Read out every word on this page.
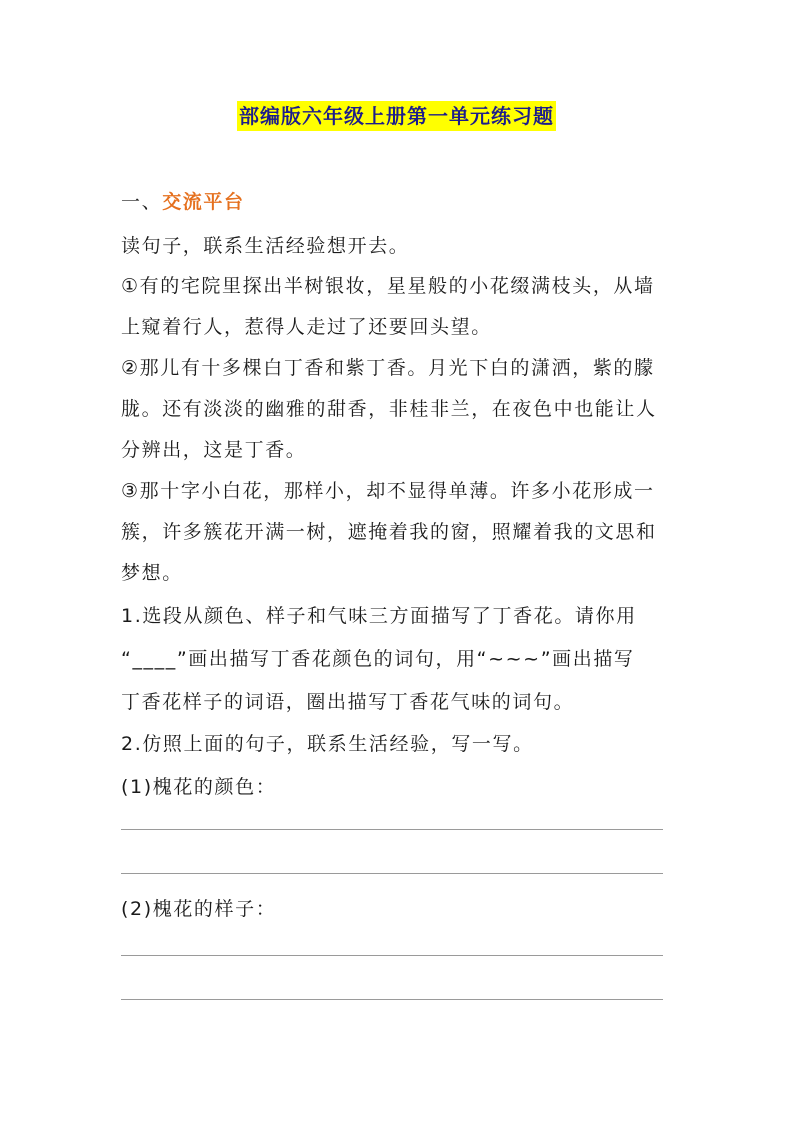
部编版六年级上册第一单元练习题
一、交流平台
读句子，联系生活经验想开去。
①有的宅院里探出半树银妆，星星般的小花缀满枝头，从墙
上窥着行人，惹得人走过了还要回头望。
②那儿有十多棵白丁香和紫丁香。月光下白的潇洒，紫的朦
胧。还有淡淡的幽雅的甜香，非桂非兰，在夜色中也能让人
分辨出，这是丁香。
③那十字小白花，那样小，却不显得单薄。许多小花形成一
簇，许多簇花开满一树，遮掩着我的窗，照耀着我的文思和
梦想。
1.选段从颜色、样子和气味三方面描写了丁香花。请你用
“____”画出描写丁香花颜色的词句，用“~~~”画出描写
丁香花样子的词语，圈出描写丁香花气味的词句。
2.仿照上面的句子，联系生活经验，写一写。
(1)槐花的颜色：
(2)槐花的样子：
